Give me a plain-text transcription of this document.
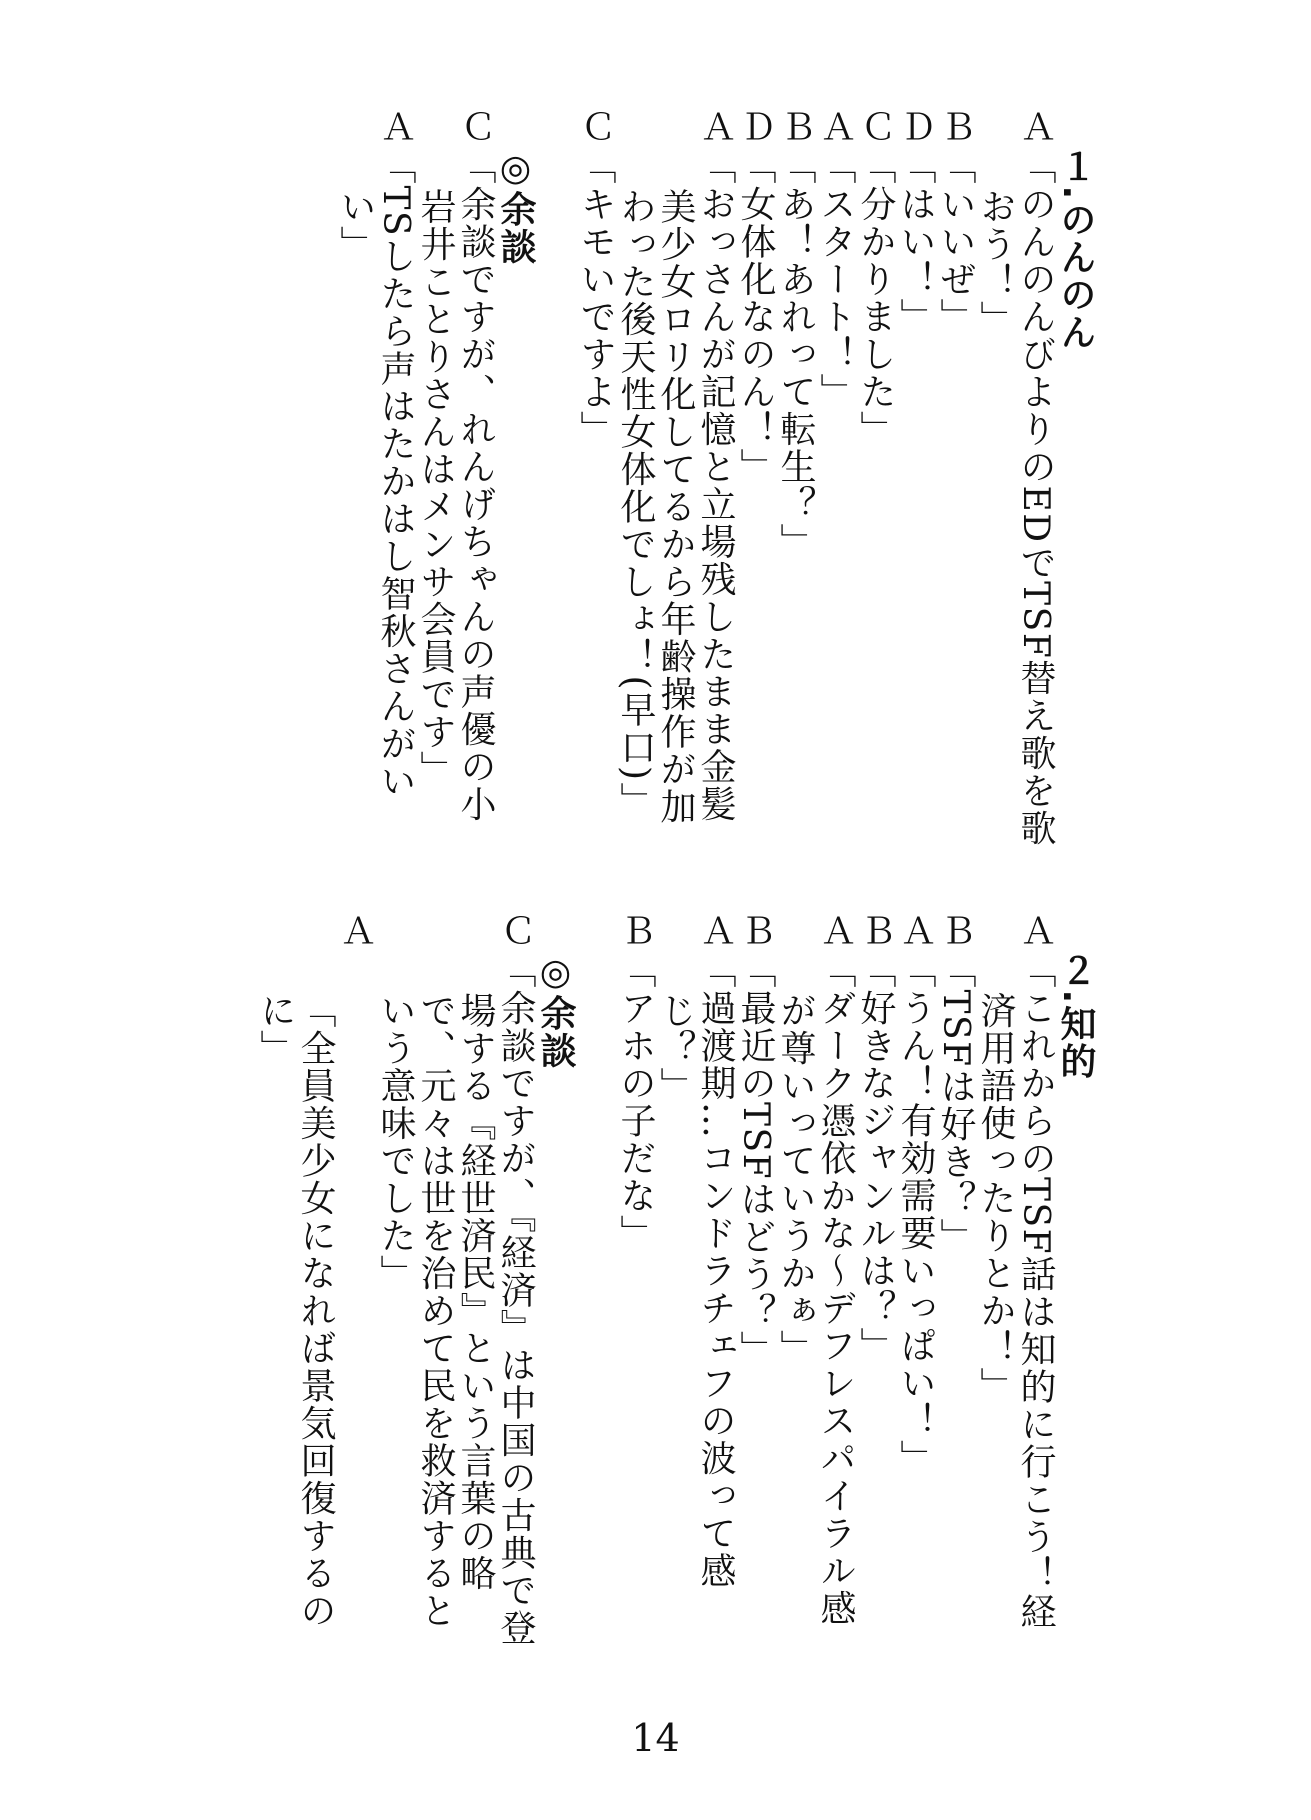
１.のんのん

Ａ「のんのんびよりのEDでTSF替え歌を歌おう！」

Ｂ「いいぜ」

Ｄ「はい！」

Ｃ「分かりました」

Ａ「スタート！」

Ｂ「あ！あれって転生？」

Ｄ「女体化なのん！」

Ａ「おっさんが記憶と立場残したまま金髪美少女ロリ化してるから年齢操作が加わった後天性女体化でしょ！(早口)」

Ｃ「キモいですよ」

◎余談

Ｃ「余談ですが、れんげちゃんの声優の小岩井ことりさんはメンサ会員です」

Ａ「TSしたら声はたかはし智秋さんがいい」

２.知的

Ａ「これからのTSF話は知的に行こう！経済用語使ったりとか！」

Ｂ「TSFは好き？」

Ａ「うん！有効需要いっぱい！」

Ｂ「好きなジャンルは？」

Ａ「ダーク憑依かな～デフレスパイラル感が尊いっていうかぁ」

Ｂ「最近のTSFはどう？」

Ａ「過渡期…コンドラチェフの波って感じ？」

Ｂ「アホの子だな」

◎余談

Ｃ「余談ですが、『経済』は中国の古典で登場する『経世済民』という言葉の略で、元々は世を治めて民を救済するという意味でした」

Ａ「全員美少女になれば景気回復するのに」

14
